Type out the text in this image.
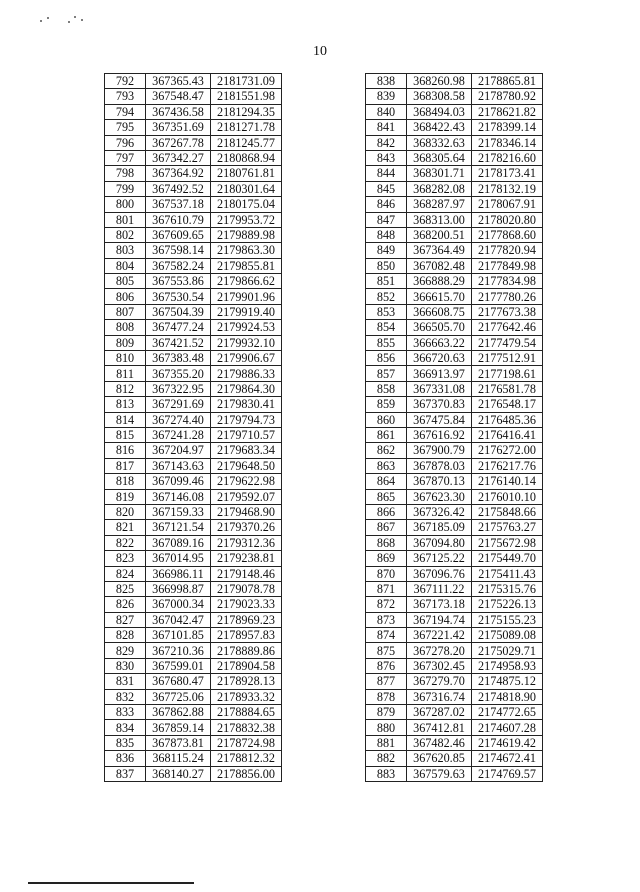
10
792	367365.43	2181731.09
793	367548.47	2181551.98
794	367436.58	2181294.35
795	367351.69	2181271.78
796	367267.78	2181245.77
797	367342.27	2180868.94
798	367364.92	2180761.81
799	367492.52	2180301.64
800	367537.18	2180175.04
801	367610.79	2179953.72
802	367609.65	2179889.98
803	367598.14	2179863.30
804	367582.24	2179855.81
805	367553.86	2179866.62
806	367530.54	2179901.96
807	367504.39	2179919.40
808	367477.24	2179924.53
809	367421.52	2179932.10
810	367383.48	2179906.67
811	367355.20	2179886.33
812	367322.95	2179864.30
813	367291.69	2179830.41
814	367274.40	2179794.73
815	367241.28	2179710.57
816	367204.97	2179683.34
817	367143.63	2179648.50
818	367099.46	2179622.98
819	367146.08	2179592.07
820	367159.33	2179468.90
821	367121.54	2179370.26
822	367089.16	2179312.36
823	367014.95	2179238.81
824	366986.11	2179148.46
825	366998.87	2179078.78
826	367000.34	2179023.33
827	367042.47	2178969.23
828	367101.85	2178957.83
829	367210.36	2178889.86
830	367599.01	2178904.58
831	367680.47	2178928.13
832	367725.06	2178933.32
833	367862.88	2178884.65
834	367859.14	2178832.38
835	367873.81	2178724.98
836	368115.24	2178812.32
837	368140.27	2178856.00
838	368260.98	2178865.81
839	368308.58	2178780.92
840	368494.03	2178621.82
841	368422.43	2178399.14
842	368332.63	2178346.14
843	368305.64	2178216.60
844	368301.71	2178173.41
845	368282.08	2178132.19
846	368287.97	2178067.91
847	368313.00	2178020.80
848	368200.51	2177868.60
849	367364.49	2177820.94
850	367082.48	2177849.98
851	366888.29	2177834.98
852	366615.70	2177780.26
853	366608.75	2177673.38
854	366505.70	2177642.46
855	366663.22	2177479.54
856	366720.63	2177512.91
857	366913.97	2177198.61
858	367331.08	2176581.78
859	367370.83	2176548.17
860	367475.84	2176485.36
861	367616.92	2176416.41
862	367900.79	2176272.00
863	367878.03	2176217.76
864	367870.13	2176140.14
865	367623.30	2176010.10
866	367326.42	2175848.66
867	367185.09	2175763.27
868	367094.80	2175672.98
869	367125.22	2175449.70
870	367096.76	2175411.43
871	367111.22	2175315.76
872	367173.18	2175226.13
873	367194.74	2175155.23
874	367221.42	2175089.08
875	367278.20	2175029.71
876	367302.45	2174958.93
877	367279.70	2174875.12
878	367316.74	2174818.90
879	367287.02	2174772.65
880	367412.81	2174607.28
881	367482.46	2174619.42
882	367620.85	2174672.41
883	367579.63	2174769.57
